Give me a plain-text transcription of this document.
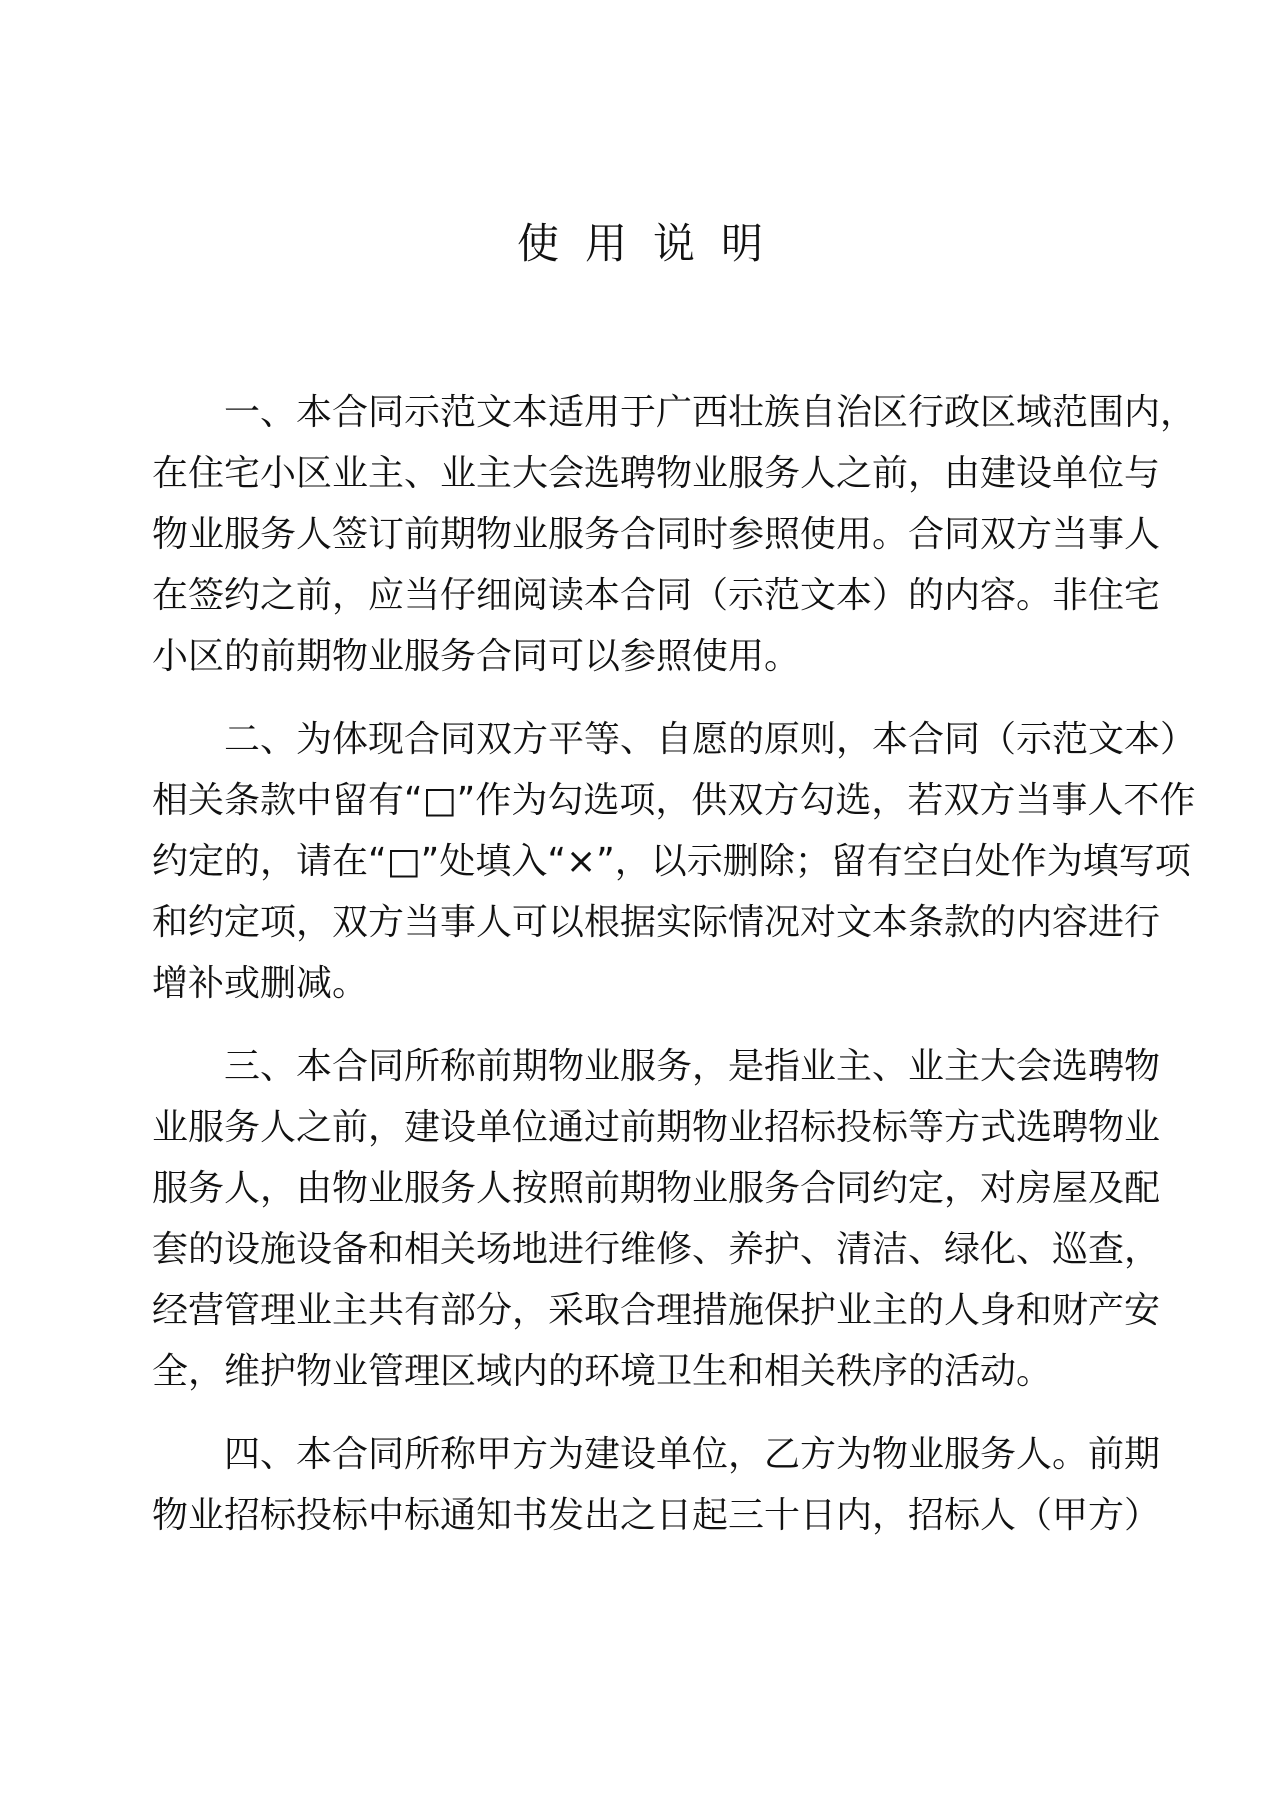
使用说明
一、本合同示范文本适用于广西壮族自治区行政区域范围内，
在住宅小区业主、业主大会选聘物业服务人之前，由建设单位与
物业服务人签订前期物业服务合同时参照使用。合同双方当事人
在签约之前，应当仔细阅读本合同（示范文本）的内容。非住宅
小区的前期物业服务合同可以参照使用。
二、为体现合同双方平等、自愿的原则，本合同（示范文本）
相关条款中留有“□”作为勾选项，供双方勾选，若双方当事人不作
约定的，请在“□”处填入“×”，以示删除；留有空白处作为填写项
和约定项，双方当事人可以根据实际情况对文本条款的内容进行
增补或删减。
三、本合同所称前期物业服务，是指业主、业主大会选聘物
业服务人之前，建设单位通过前期物业招标投标等方式选聘物业
服务人，由物业服务人按照前期物业服务合同约定，对房屋及配
套的设施设备和相关场地进行维修、养护、清洁、绿化、巡查，
经营管理业主共有部分，采取合理措施保护业主的人身和财产安
全，维护物业管理区域内的环境卫生和相关秩序的活动。
四、本合同所称甲方为建设单位，乙方为物业服务人。前期
物业招标投标中标通知书发出之日起三十日内，招标人（甲方）
